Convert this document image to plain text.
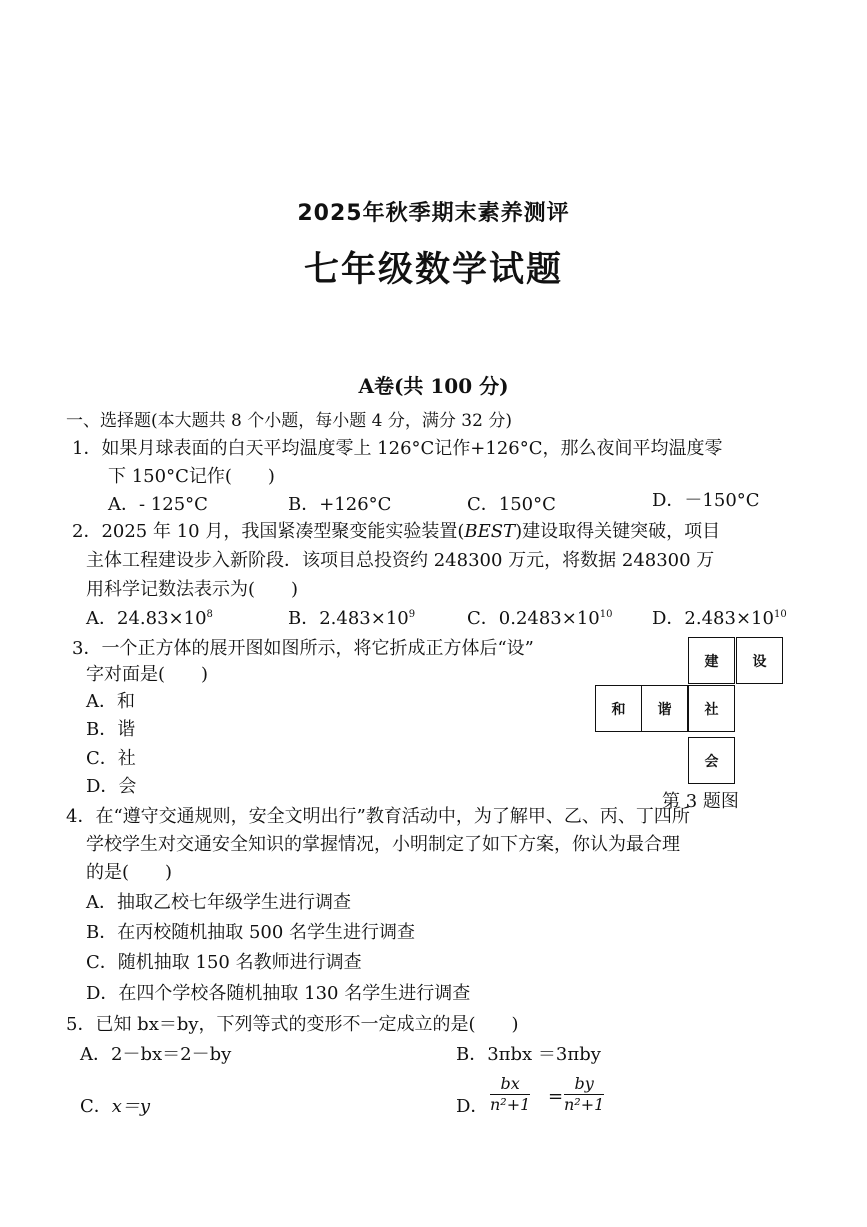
2025年秋季期末素养测评
七年级数学试题
A卷(共 100 分)
一、选择题(本大题共 8 个小题，每小题 4 分，满分 32 分)
1．如果月球表面的白天平均温度零上 126°C记作+126°C，那么夜间平均温度零
下 150°C记作(　　)
A．- 125°C	B．+126°C	C．150°C	D．－150°C
2．2025 年 10 月，我国紧凑型聚变能实验装置(BEST)建设取得关键突破，项目
主体工程建设步入新阶段．该项目总投资约 248300 万元，将数据 248300 万
用科学记数法表示为(　　)
A．$24.83\times 10^8$	B．$2.483\times 10^9$	C．$0.2483\times 10^{10}$ D．$2.483\times 10^{10}$
3．一个正方体的展开图如图所示，将它折成正方体后“设”
字对面是(　　)
A．和
B．谐
C．社
D．会
建	设
和	谐	社
会
第 3 题图
4．在“遵守交通规则，安全文明出行”教育活动中，为了解甲、乙、丙、丁四所
学校学生对交通安全知识的掌握情况，小明制定了如下方案，你认为最合理
的是(　　)
A．抽取乙校七年级学生进行调查
B．在丙校随机抽取 500 名学生进行调查
C．随机抽取 150 名教师进行调查
D．在四个学校各随机抽取 130 名学生进行调查
5．已知 bx＝by，下列等式的变形不一定成立的是(　　)
A．2－bx＝2－by	B．3πbx ＝3πby
C．x＝y	D． $\frac{bx}{\text{n²+1}} = \frac{by}{\text{n²+1}}$
